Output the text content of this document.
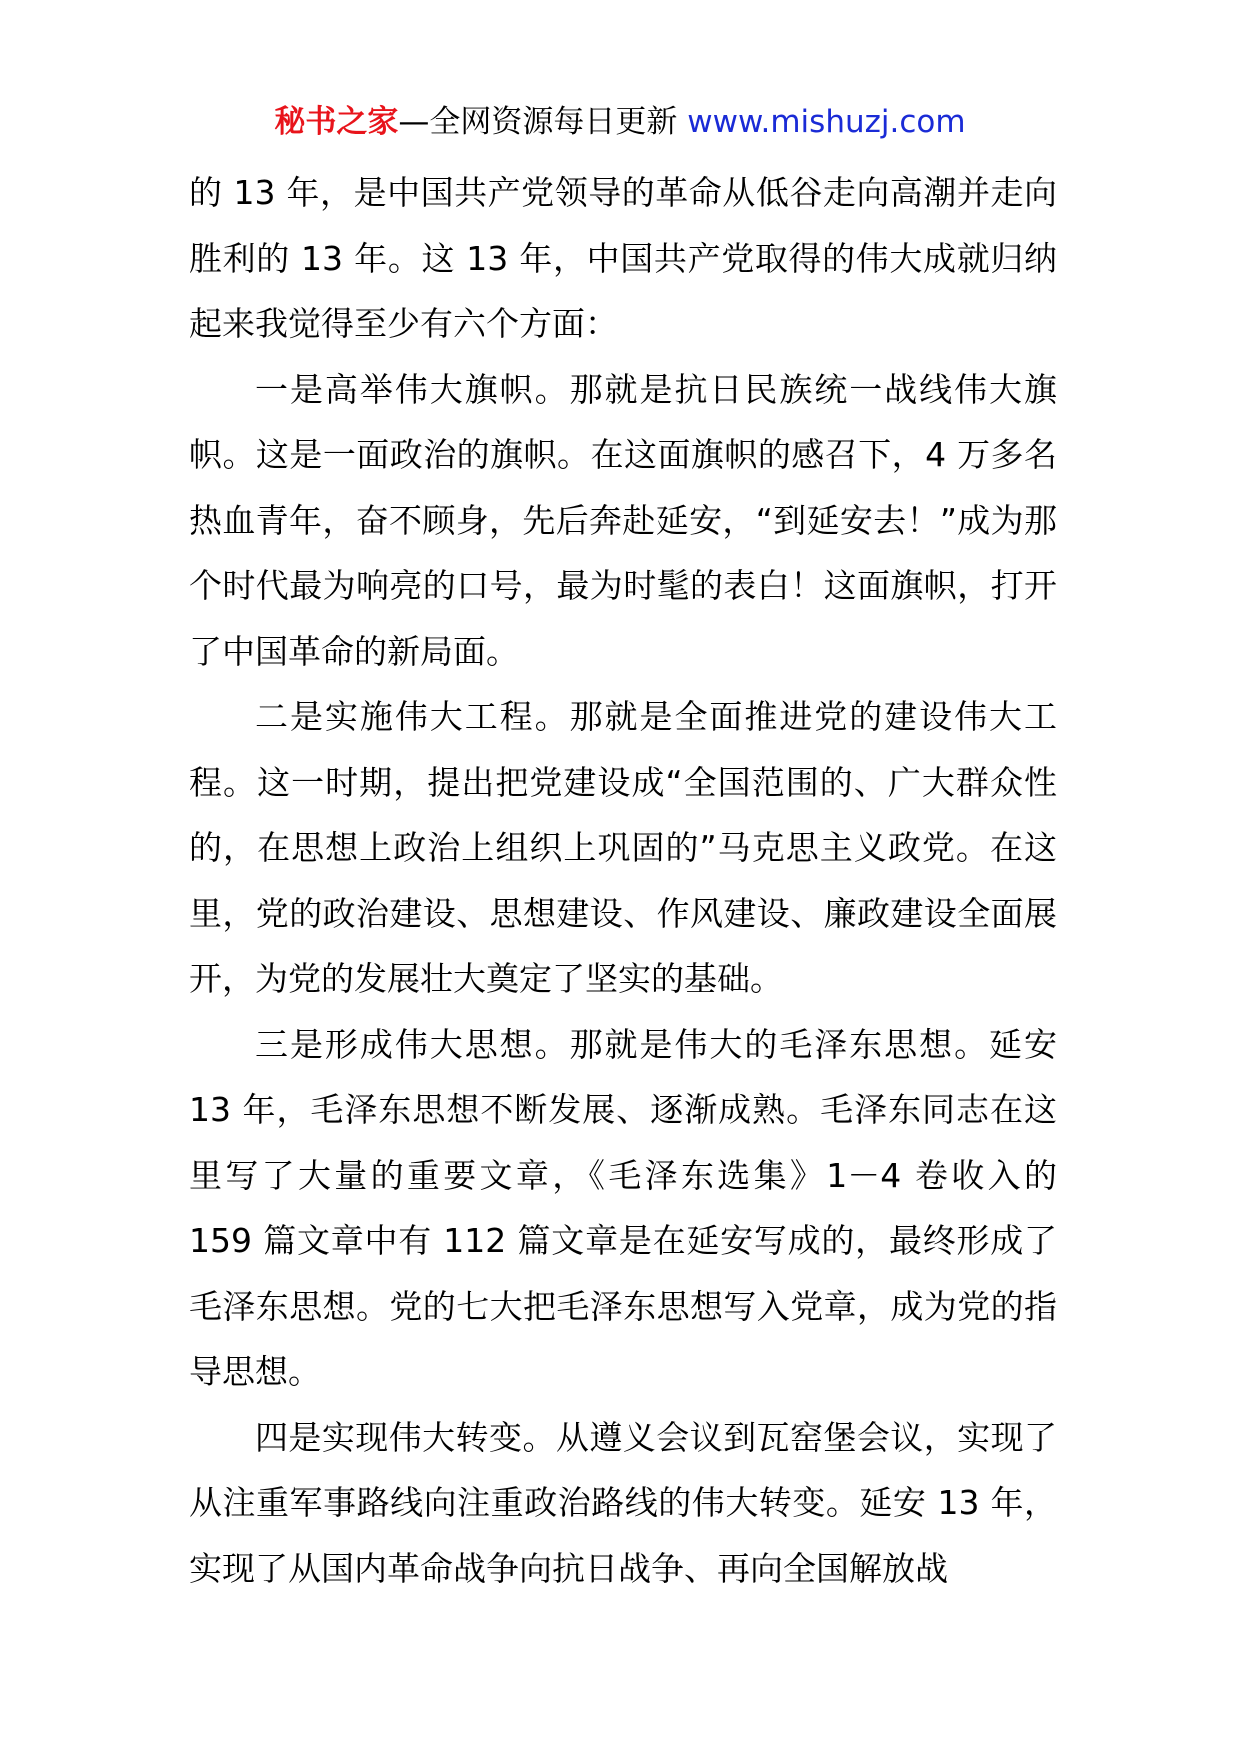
秘书之家—全网资源每日更新 www.mishuzj.com

的 13 年，是中国共产党领导的革命从低谷走向高潮并走向胜利的 13 年。这 13 年，中国共产党取得的伟大成就归纳起来我觉得至少有六个方面：

一是高举伟大旗帜。那就是抗日民族统一战线伟大旗帜。这是一面政治的旗帜。在这面旗帜的感召下，4 万多名热血青年，奋不顾身，先后奔赴延安，“到延安去！”成为那个时代最为响亮的口号，最为时髦的表白！这面旗帜，打开了中国革命的新局面。

二是实施伟大工程。那就是全面推进党的建设伟大工程。这一时期，提出把党建设成“全国范围的、广大群众性的，在思想上政治上组织上巩固的”马克思主义政党。在这里，党的政治建设、思想建设、作风建设、廉政建设全面展开，为党的发展壮大奠定了坚实的基础。

三是形成伟大思想。那就是伟大的毛泽东思想。延安 13 年，毛泽东思想不断发展、逐渐成熟。毛泽东同志在这里写了大量的重要文章，《毛泽东选集》1－4 卷收入的 159 篇文章中有 112 篇文章是在延安写成的，最终形成了毛泽东思想。党的七大把毛泽东思想写入党章，成为党的指导思想。

四是实现伟大转变。从遵义会议到瓦窑堡会议，实现了从注重军事路线向注重政治路线的伟大转变。延安 13 年，实现了从国内革命战争向抗日战争、再向全国解放战
